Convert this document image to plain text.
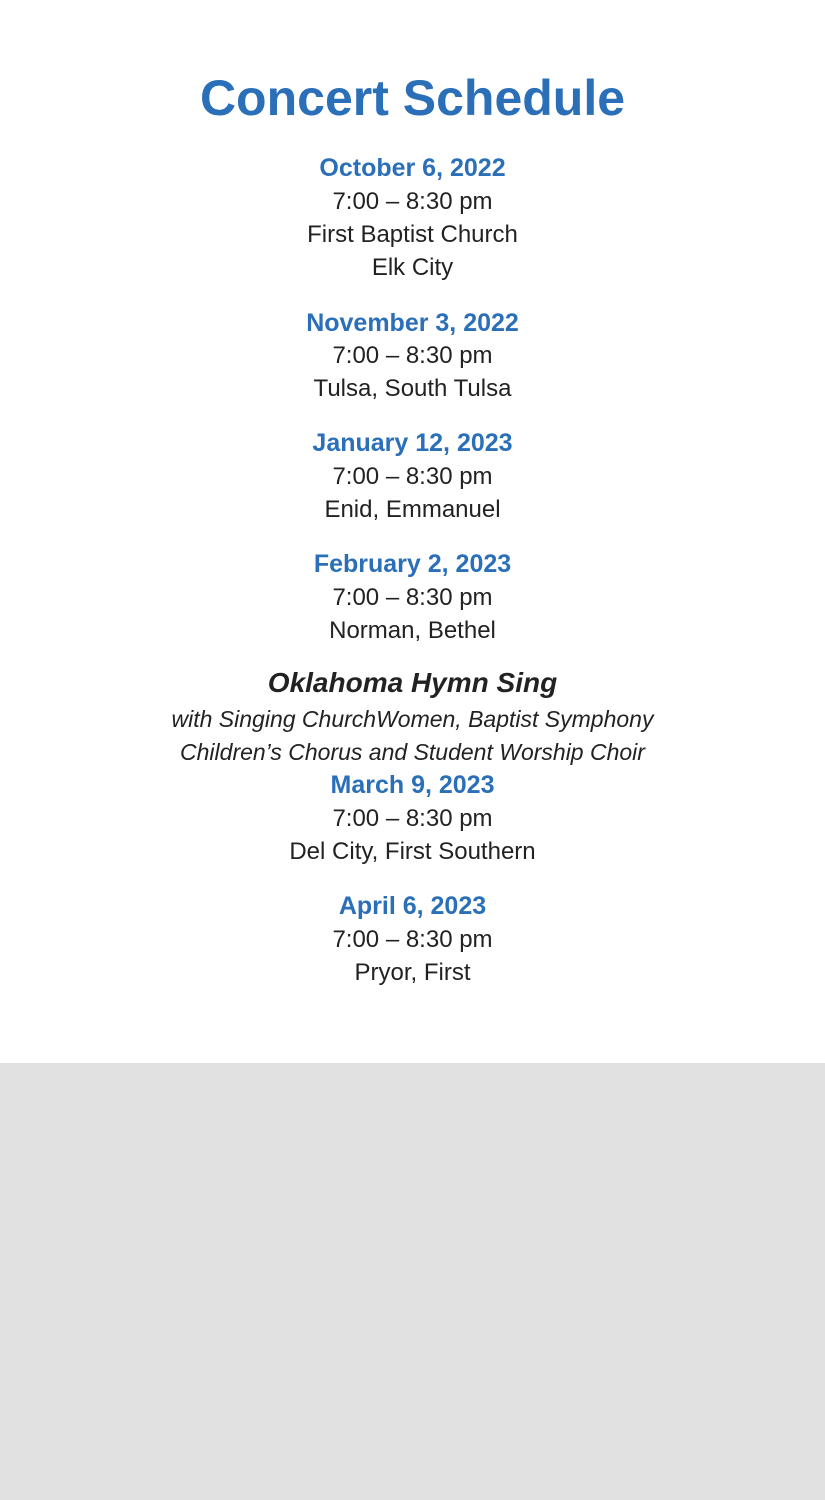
Concert Schedule
October 6, 2022
7:00 – 8:30 pm
First Baptist Church
Elk City
November 3, 2022
7:00 – 8:30 pm
Tulsa, South Tulsa
January 12, 2023
7:00 – 8:30 pm
Enid, Emmanuel
February 2, 2023
7:00 – 8:30 pm
Norman, Bethel
Oklahoma Hymn Sing
with Singing ChurchWomen, Baptist Symphony
Children’s Chorus and Student Worship Choir
March 9, 2023
7:00 – 8:30 pm
Del City, First Southern
April 6, 2023
7:00 – 8:30 pm
Pryor, First
